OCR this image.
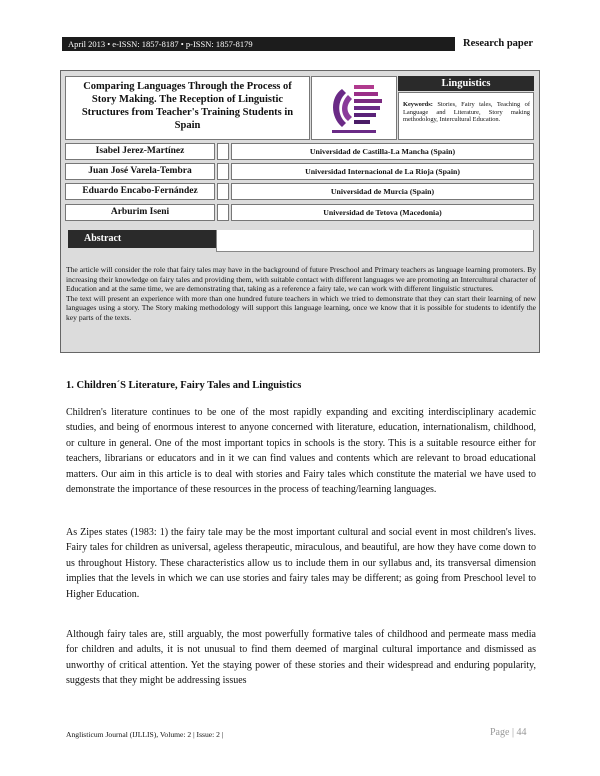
April 2013 • e-ISSN: 1857-8187 • p-ISSN: 1857-8179	Research paper
Comparing Languages Through the Process of Story Making. The Reception of Linguistic Structures from Teacher's Training Students in Spain
Linguistics
Keywords: Stories, Fairy tales, Teaching of Language and Literature, Story making methodology, Intercultural Education.
Isabel Jerez-Martínez	Universidad de Castilla-La Mancha (Spain)
Juan José Varela-Tembra	Universidad Internacional de La Rioja (Spain)
Eduardo Encabo-Fernández	Universidad de Murcia (Spain)
Arburim Iseni	Universidad de Tetova (Macedonia)
Abstract

The article will consider the role that fairy tales may have in the background of future Preschool and Primary teachers as language learning promoters. By increasing their knowledge on fairy tales and providing them, with suitable contact with different languages we are promoting an Intercultural character of Education and at the same time, we are demonstrating that, taking as a reference a fairy tale, we can work with different linguistic structures.

The text will present an experience with more than one hundred future teachers in which we tried to demonstrate that they can start their learning of new languages using a story. The Story making methodology will support this language learning, once we know that it is possible for students to identify the key parts of the texts.

1. Children´S Literature, Fairy Tales and Linguistics
Children's literature continues to be one of the most rapidly expanding and exciting interdisciplinary academic studies, and being of enormous interest to anyone concerned with literature, education, internationalism, childhood, or culture in general. One of the most important topics in schools is the story. This is a suitable resource either for teachers, librarians or educators and in it we can find values and contents which are relevant to broad educational matters. Our aim in this article is to deal with stories and Fairy tales which constitute the material we have used to demonstrate the importance of these resources in the process of teaching/learning languages.
As Zipes states (1983: 1) the fairy tale may be the most important cultural and social event in most children's lives. Fairy tales for children as universal, ageless therapeutic, miraculous, and beautiful, are how they have come down to us throughout History. These characteristics allow us to include them in our syllabus and, its transversal dimension implies that the levels in which we can use stories and fairy tales may be different; as going from Preschool level to Higher Education.
Although fairy tales are, still arguably, the most powerfully formative tales of childhood and permeate mass media for children and adults, it is not unusual to find them deemed of marginal cultural importance and dismissed as unworthy of critical attention. Yet the staying power of these stories and their widespread and enduring popularity, suggests that they might be addressing issues
Anglisticum Journal (IJLLIS), Volume: 2 | Issue: 2 |	Page | 44
